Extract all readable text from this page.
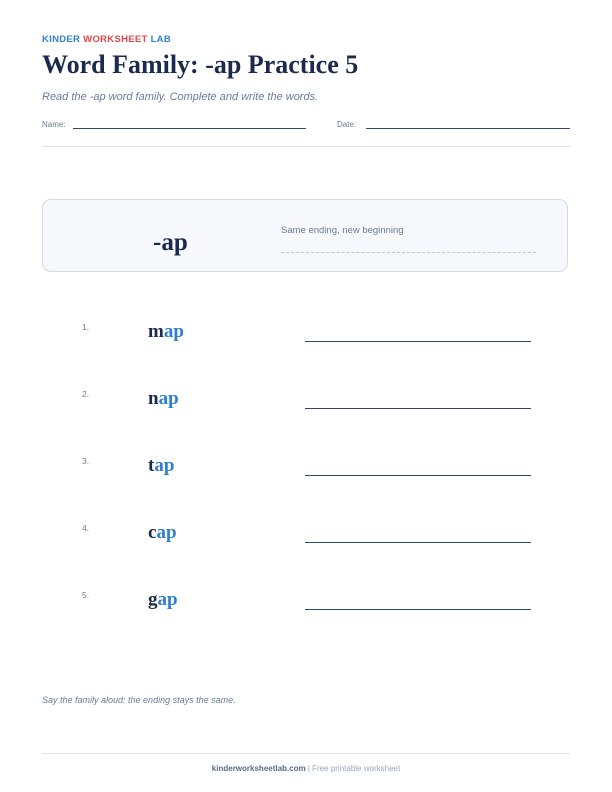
KINDER WORKSHEET LAB
Word Family: -ap Practice 5
Read the -ap word family. Complete and write the words.
Name:	Date:
-ap	Same ending, new beginning
1.	map
2.	nap
3.	tap
4.	cap
5.	gap
Say the family aloud: the ending stays the same.
kinderworksheetlab.com | Free printable worksheet
